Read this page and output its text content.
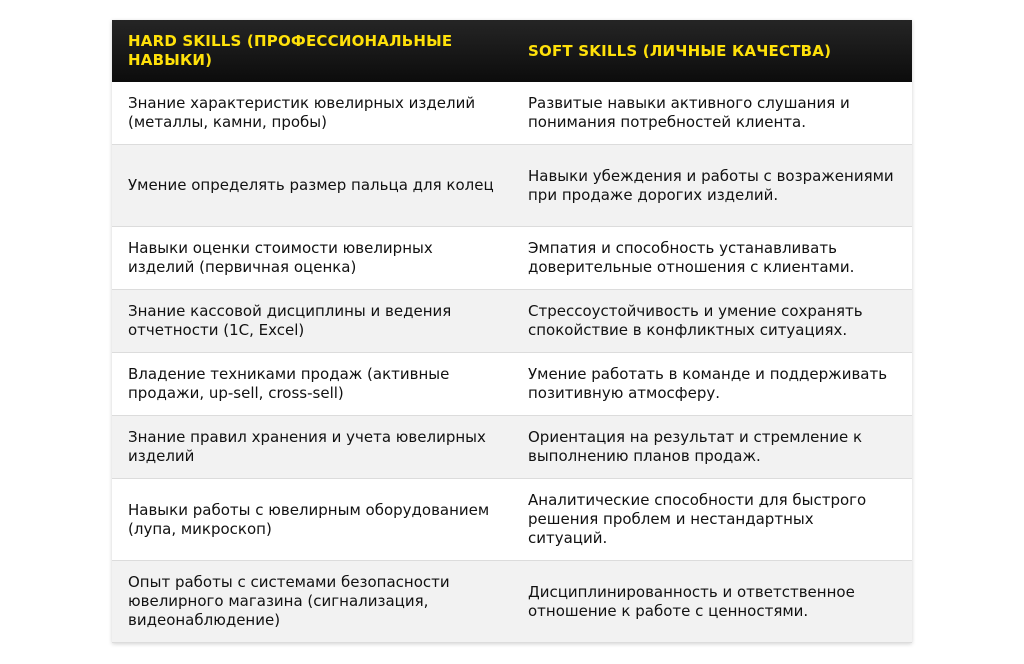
HARD SKILLS (ПРОФЕССИОНАЛЬНЫЕ НАВЫКИ)	SOFT SKILLS (ЛИЧНЫЕ КАЧЕСТВА)
Знание характеристик ювелирных изделий (металлы, камни, пробы)	Развитые навыки активного слушания и понимания потребностей клиента.
Умение определять размер пальца для колец	Навыки убеждения и работы с возражениями при продаже дорогих изделий.
Навыки оценки стоимости ювелирных изделий (первичная оценка)	Эмпатия и способность устанавливать доверительные отношения с клиентами.
Знание кассовой дисциплины и ведения отчетности (1С, Excel)	Стрессоустойчивость и умение сохранять спокойствие в конфликтных ситуациях.
Владение техниками продаж (активные продажи, up-sell, cross-sell)	Умение работать в команде и поддерживать позитивную атмосферу.
Знание правил хранения и учета ювелирных изделий	Ориентация на результат и стремление к выполнению планов продаж.
Навыки работы с ювелирным оборудованием (лупа, микроскоп)	Аналитические способности для быстрого решения проблем и нестандартных ситуаций.
Опыт работы с системами безопасности ювелирного магазина (сигнализация, видеонаблюдение)	Дисциплинированность и ответственное отношение к работе с ценностями.
